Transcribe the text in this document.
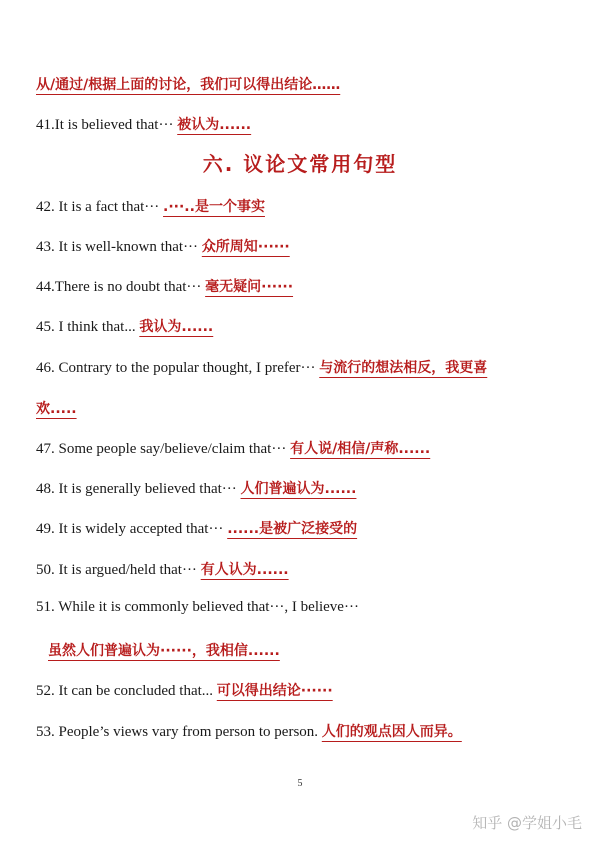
从/通过/根据上面的讨论，我们可以得出结论……
41.It is believed that··· 被认为......
六. 议论文常用句型
42. It is a fact that··· .···..是一个事实
43. It is well-known that··· 众所周知······
44.There is no doubt that··· 毫无疑问······
45. I think that... 我认为......
46. Contrary to the popular thought, I prefer··· 与流行的想法相反，我更喜
欢.....
47. Some people say/believe/claim that··· 有人说/相信/声称......
48. It is generally believed that··· 人们普遍认为......
49. It is widely accepted that··· ......是被广泛接受的
50. It is argued/held that··· 有人认为......
51. While it is commonly believed that···, I believe···
虽然人们普遍认为······，我相信......
52. It can be concluded that... 可以得出结论······
53. People’s views vary from person to person. 人们的观点因人而异。
5
知乎 @学姐小毛
